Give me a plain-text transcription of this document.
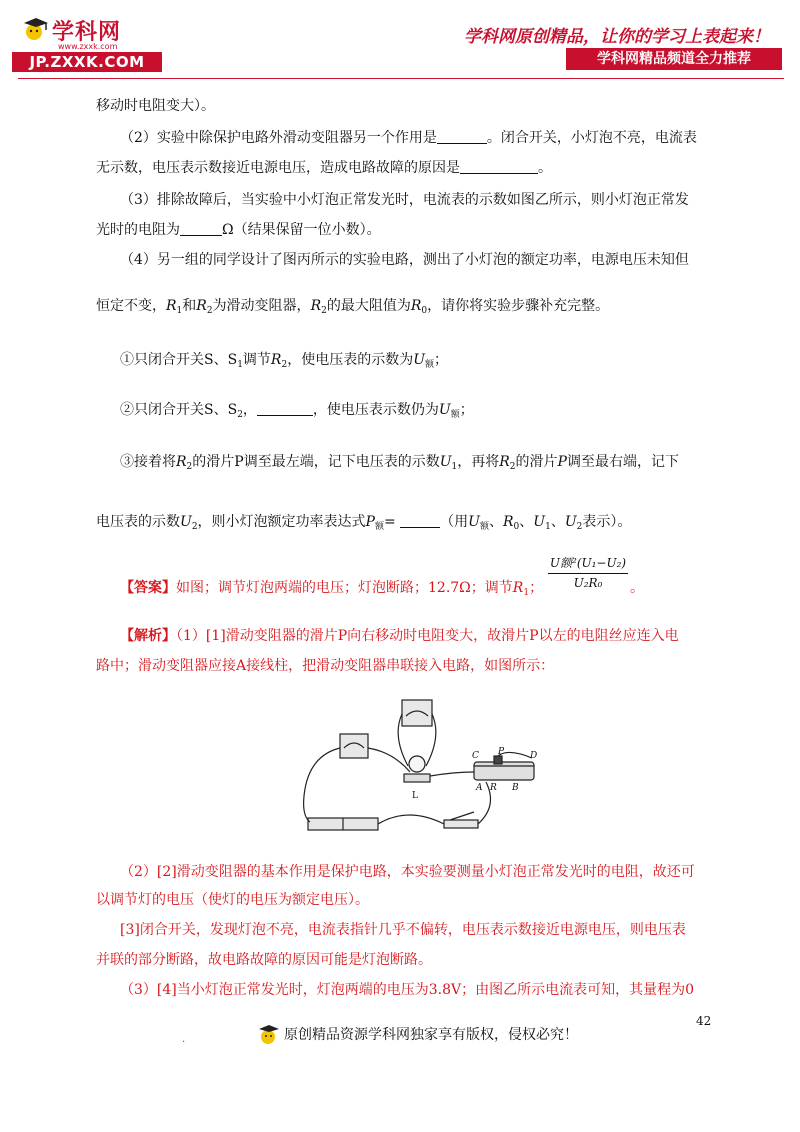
学科网
www.zxxk.com
JP.ZXXK.COM
学科网原创精品，让你的学习上表起来！
学科网精品频道全力推荐
移动时电阻变大）。
（2）实验中除保护电路外滑动变阻器另一个作用是	。闭合开关，小灯泡不亮，电流表
无示数，电压表示数接近电源电压，造成电路故障的原因是	。
（3）排除故障后，当实验中小灯泡正常发光时，电流表的示数如图乙所示，则小灯泡正常发
光时的电阻为	Ω（结果保留一位小数）。
（4）另一组的同学设计了图丙所示的实验电路，测出了小灯泡的额定功率，电源电压未知但
恒定不变，$R_1$和$R_2$为滑动变阻器，$R_2$的最大阻值为$R_0$，请你将实验步骤补充完整。
①只闭合开关S、$S_1$调节$R_2$，使电压表的示数为$U_额$；
②只闭合开关S、$S_2$，	，使电压表示数仍为$U_额$；
③接着将$R_2$的滑片P调至最左端，记下电压表的示数$U_1$，再将$R_2$的滑片P调至最右端，记下
电压表的示数$U_2$，则小灯泡额定功率表达式$P_额=$	（用$U_额$、$R_0$、$U_1$、$U_2$表示）。
【答案】如图；调节灯泡两端的电压；灯泡断路；12.7Ω；调节$R_1$；
U额²(U₁−U₂)
U₂R₀	。
【解析】（1）[1]滑动变阻器的滑片P向右移动时电阻变大，故滑片P以左的电阻丝应连入电
路中；滑动变阻器应接A接线柱，把滑动变阻器串联接入电路，如图所示：
C P	D
A R B
L
（2）[2]滑动变阻器的基本作用是保护电路，本实验要测量小灯泡正常发光时的电阻，故还可
以调节灯的电压（使灯的电压为额定电压）。
[3]闭合开关，发现灯泡不亮，电流表指针几乎不偏转，电压表示数接近电源电压，则电压表
并联的部分断路，故电路故障的原因可能是灯泡断路。
（3）[4]当小灯泡正常发光时，灯泡两端的电压为3.8V；由图乙所示电流表可知，其量程为0
42
.	原创精品资源学科网独家享有版权，侵权必究！
